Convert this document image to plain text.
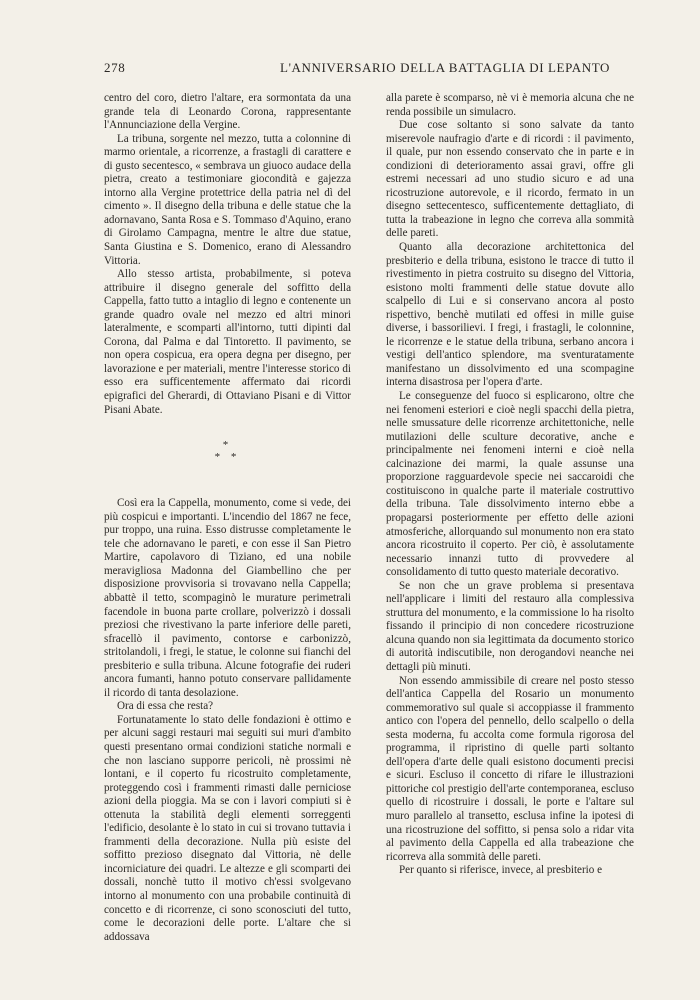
278	L'ANNIVERSARIO DELLA BATTAGLIA DI LEPANTO

centro del coro, dietro l'altare, era sormontata da una grande tela di Leonardo Corona, rappresentante l'Annunciazione della Vergine.

La tribuna, sorgente nel mezzo, tutta a colonnine di marmo orientale, a ricorrenze, a frastagli di carattere e di gusto secentesco, « sembrava un giuoco audace della pietra, creato a testimoniare giocondità e gajezza intorno alla Vergine protettrice della patria nel dì del cimento ». Il disegno della tribuna e delle statue che la adornavano, Santa Rosa e S. Tommaso d'Aquino, erano di Girolamo Campagna, mentre le altre due statue, Santa Giustina e S. Domenico, erano di Alessandro Vittoria.

Allo stesso artista, probabilmente, si poteva attribuire il disegno generale del soffitto della Cappella, fatto tutto a intaglio di legno e contenente un grande quadro ovale nel mezzo ed altri minori lateralmente, e scomparti all'intorno, tutti dipinti dal Corona, dal Palma e dal Tintoretto. Il pavimento, se non opera cospicua, era opera degna per disegno, per lavorazione e per materiali, mentre l'interesse storico di esso era sufficentemente affermato dai ricordi epigrafici del Gherardi, di Ottaviano Pisani e di Vittor Pisani Abate.

*
* *

Così era la Cappella, monumento, come si vede, dei più cospicui e importanti. L'incendio del 1867 ne fece, pur troppo, una ruina. Esso distrusse completamente le tele che adornavano le pareti, e con esse il San Pietro Martire, capolavoro di Tiziano, ed una nobile meravigliosa Madonna del Giambellino che per disposizione provvisoria si trovavano nella Cappella; abbattè il tetto, scompaginò le murature perimetrali facendole in buona parte crollare, polverizzò i dossali preziosi che rivestivano la parte inferiore delle pareti, sfracellò il pavimento, contorse e carbonizzò, stritolandoli, i fregi, le statue, le colonne sui fianchi del presbiterio e sulla tribuna. Alcune fotografie dei ruderi ancora fumanti, hanno potuto conservare pallidamente il ricordo di tanta desolazione.

Ora di essa che resta?

Fortunatamente lo stato delle fondazioni è ottimo e per alcuni saggi restauri mai seguiti sui muri d'ambito questi presentano ormai condizioni statiche normali e che non lasciano supporre pericoli, nè prossimi nè lontani, e il coperto fu ricostruito completamente, proteggendo così i frammenti rimasti dalle perniciose azioni della pioggia. Ma se con i lavori compiuti si è ottenuta la stabilità degli elementi sorreggenti l'edificio, desolante è lo stato in cui si trovano tuttavia i frammenti della decorazione. Nulla più esiste del soffitto prezioso disegnato dal Vittoria, nè delle incorniciature dei quadri. Le altezze e gli scomparti dei dossali, nonchè tutto il motivo ch'essi svolgevano intorno al monumento con una probabile continuità di concetto e di ricorrenze, ci sono sconosciuti del tutto, come le decorazioni delle porte. L'altare che si addossava

alla parete è scomparso, nè vi è memoria alcuna che ne renda possibile un simulacro.

Due cose soltanto si sono salvate da tanto miserevole naufragio d'arte e di ricordi : il pavimento, il quale, pur non essendo conservato che in parte e in condizioni di deterioramento assai gravi, offre gli estremi necessari ad uno studio sicuro e ad una ricostruzione autorevole, e il ricordo, fermato in un disegno settecentesco, sufficentemente dettagliato, di tutta la trabeazione in legno che correva alla sommità delle pareti.

Quanto alla decorazione architettonica del presbiterio e della tribuna, esistono le tracce di tutto il rivestimento in pietra costruito su disegno del Vittoria, esistono molti frammenti delle statue dovute allo scalpello di Lui e si conservano ancora al posto rispettivo, benchè mutilati ed offesi in mille guise diverse, i bassorilievi. I fregi, i frastagli, le colonnine, le ricorrenze e le statue della tribuna, serbano ancora i vestigi dell'antico splendore, ma sventuratamente manifestano un dissolvimento ed una scompagine interna disastrosa per l'opera d'arte.

Le conseguenze del fuoco si esplicarono, oltre che nei fenomeni esteriori e cioè negli spacchi della pietra, nelle smussature delle ricorrenze architettoniche, nelle mutilazioni delle sculture decorative, anche e principalmente nei fenomeni interni e cioè nella calcinazione dei marmi, la quale assunse una proporzione ragguardevole specie nei saccaroidi che costituiscono in qualche parte il materiale costruttivo della tribuna. Tale dissolvimento interno ebbe a propagarsi posteriormente per effetto delle azioni atmosferiche, allorquando sul monumento non era stato ancora ricostruito il coperto. Per ciò, è assolutamente necessario innanzi tutto di provvedere al consolidamento di tutto questo materiale decorativo.

Se non che un grave problema si presentava nell'applicare i limiti del restauro alla complessiva struttura del monumento, e la commissione lo ha risolto fissando il principio di non concedere ricostruzione alcuna quando non sia legittimata da documento storico di autorità indiscutibile, non derogandovi neanche nei dettagli più minuti.

Non essendo ammissibile di creare nel posto stesso dell'antica Cappella del Rosario un monumento commemorativo sul quale si accoppiasse il frammento antico con l'opera del pennello, dello scalpello o della sesta moderna, fu accolta come formula rigorosa del programma, il ripristino di quelle parti soltanto dell'opera d'arte delle quali esistono documenti precisi e sicuri. Escluso il concetto di rifare le illustrazioni pittoriche col prestigio dell'arte contemporanea, escluso quello di ricostruire i dossali, le porte e l'altare sul muro parallelo al transetto, esclusa infine la ipotesi di una ricostruzione del soffitto, si pensa solo a ridar vita al pavimento della Cappella ed alla trabeazione che ricorreva alla sommità delle pareti.

Per quanto si riferisce, invece, al presbiterio e
